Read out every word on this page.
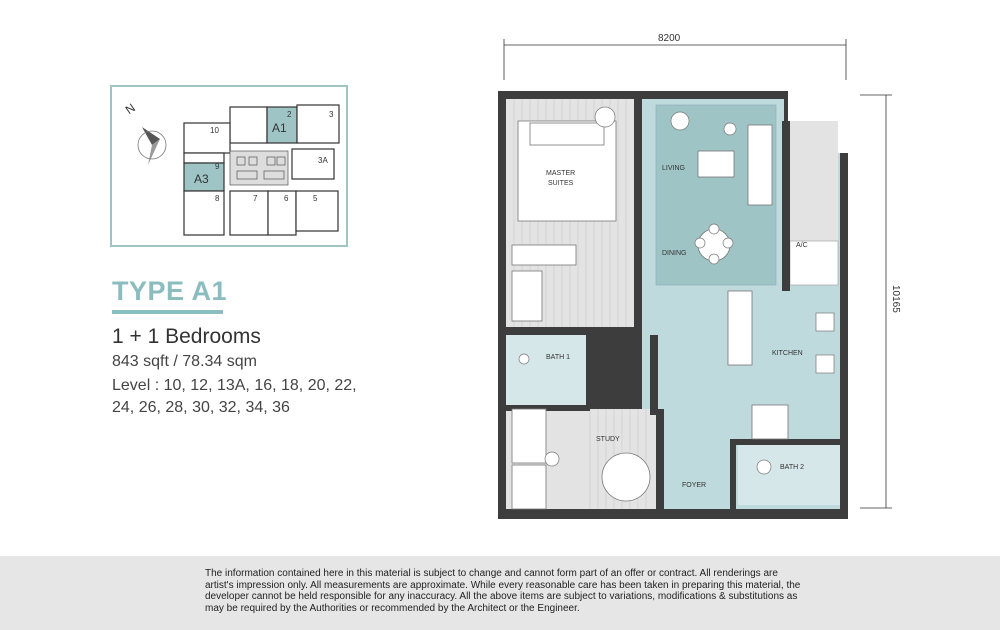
N	2	3
10
3A
9
8	7	6	5
A1
A3
TYPE A1
1 + 1 Bedrooms
843 sqft / 78.34 sqm
Level : 10, 12, 13A, 16, 18, 20, 22, 24, 26, 28, 30, 32, 34, 36
8200
10165
MASTER
SUITES
LIVING
DINING
A/C
BATH 1
KITCHEN
STUDY
FOYER
BATH 2
The information contained here in this material is subject to change and cannot form part of an offer or contract. All renderings are artist's impression only. All measurements are approximate. While every reasonable care has been taken in preparing this material, the developer cannot be held responsible for any inaccuracy. All the above items are subject to variations, modifications & substitutions as may be required by the Authorities or recommended by the Architect or the Engineer.
